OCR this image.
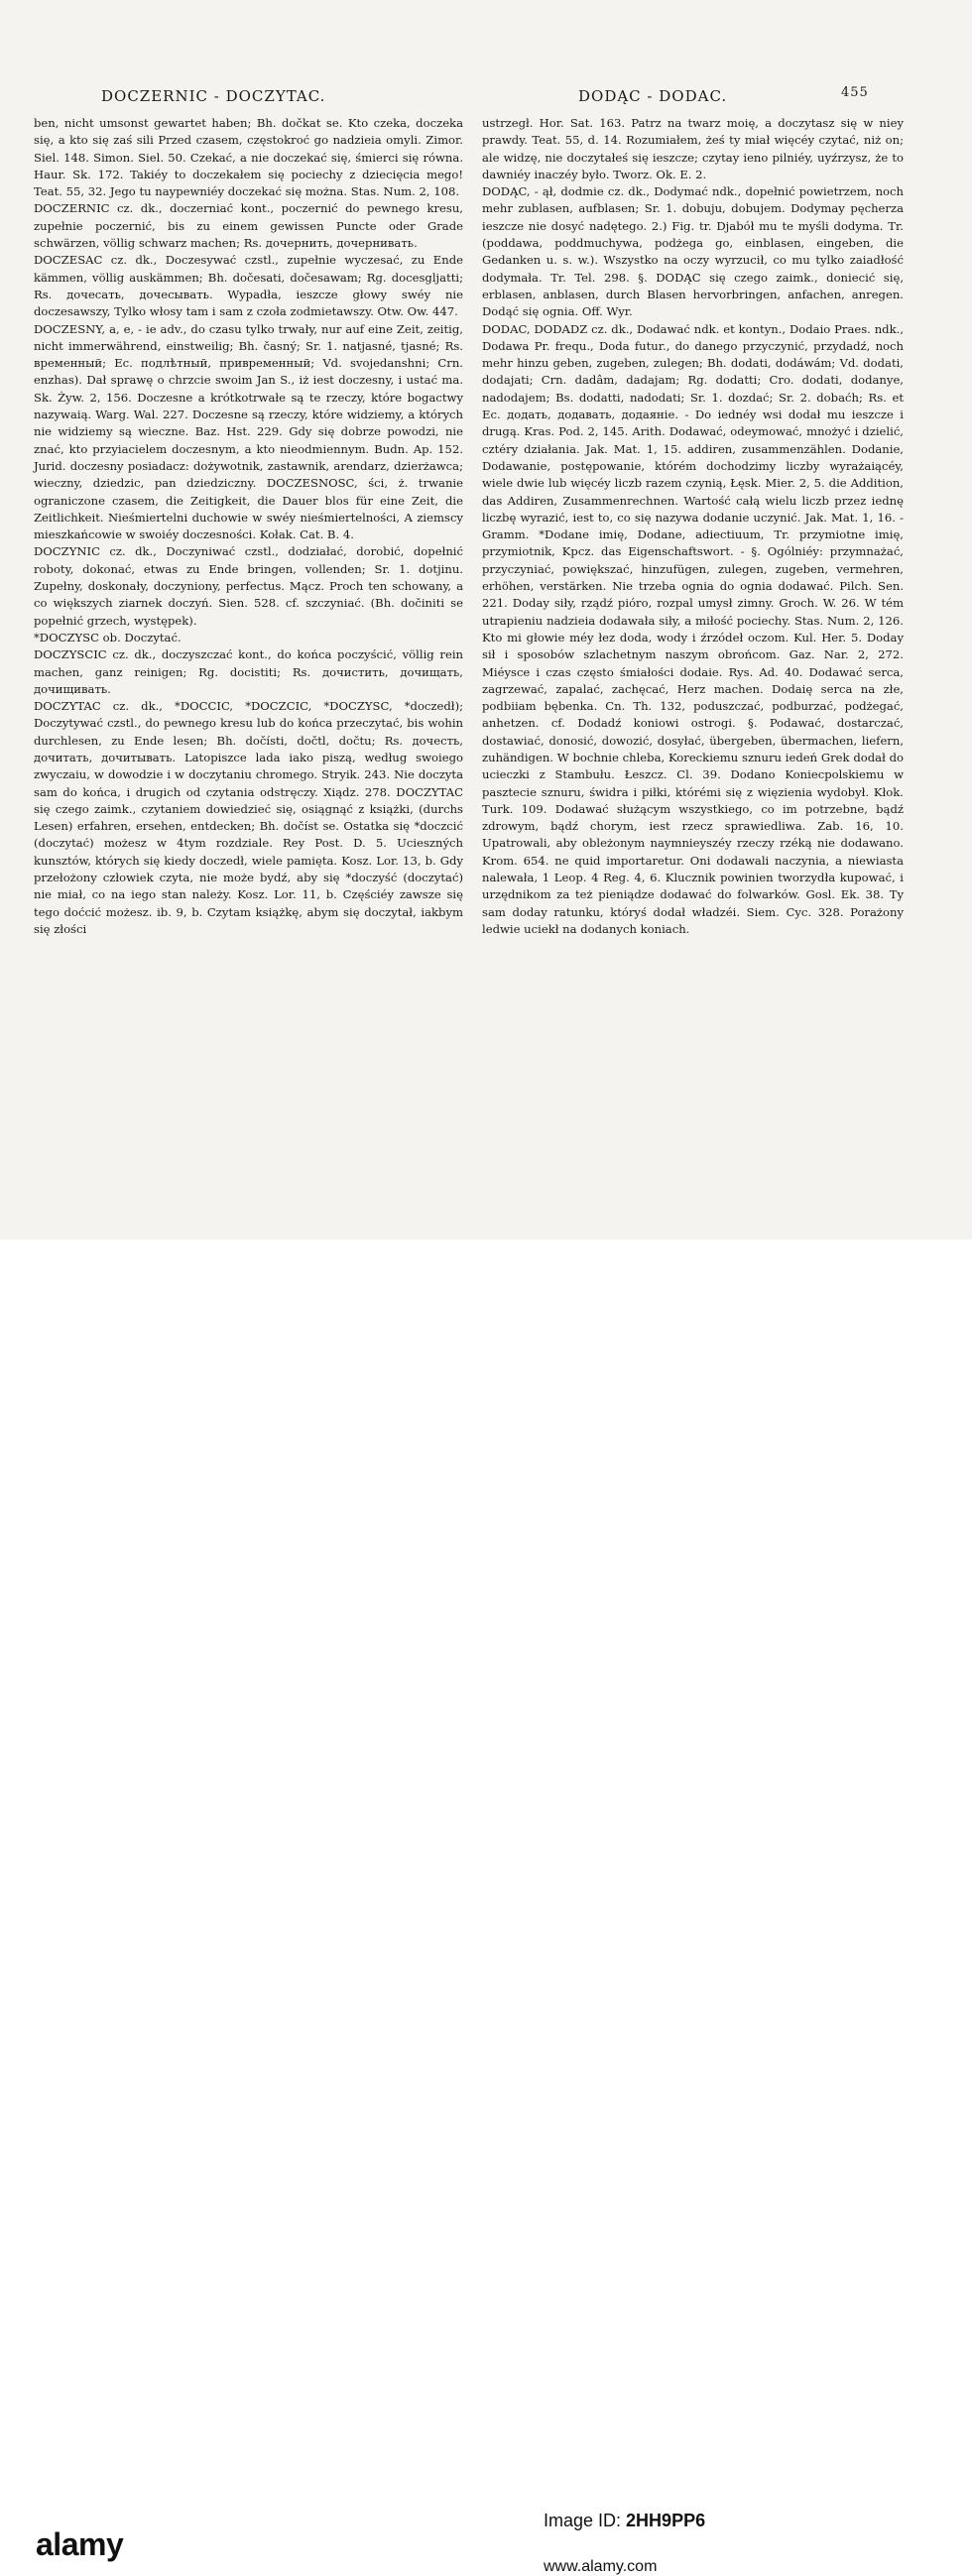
DOCZERNIC - DOCZYTAC.	DODĄC - DODAC.	455
ben, nicht umsonst gewartet haben; Bh. dočkat se. Kto czeka, doczeka się, a kto się zaś sili Przed czasem, częstokroć go nadzieia omyli. Zimor. Siel. 148. Simon. Siel. 50. Czekać, a nie doczekać się, śmierci się równa. Haur. Sk. 172. Takiéy to doczekałem się pociechy z dziecięcia mego! Teat. 55, 32. Jego tu naypewniéy doczekać się można. Stas. Num. 2, 108.
DOCZERNIC cz. dk., doczerniać kont., poczernić do pewnego kresu, zupełnie poczernić, bis zu einem gewissen Puncte oder Grade schwärzen, völlig schwarz machen; Rs. дочернить, дочернивать.
DOCZESAC cz. dk., Doczesywać czstl., zupełnie wyczesać, zu Ende kämmen, völlig auskämmen; Bh. dočesati, dočesawam; Rg. docesgljatti; Rs. дочесать, дочесывать. Wypadła, ieszcze głowy swéy nie doczesawszy, Tylko włosy tam i sam z czoła zodmietawszy. Otw. Ow. 447.
DOCZESNY, a, e, - ie adv., do czasu tylko trwały, nur auf eine Zeit, zeitig, nicht immerwährend, einstweilig; Bh. časný; Sr. 1. natjasné, tjasné; Rs. временный; Ec. подлѣтный, привременный; Vd. svojedanshni; Crn. enzhas). Dał sprawę o chrzcie swoim Jan S., iż iest doczesny, i ustać ma. Sk. Żyw. 2, 156. Doczesne a krótkotrwałe są te rzeczy, które bogactwy nazywaią. Warg. Wal. 227. Doczesne są rzeczy, które widziemy, a których nie widziemy są wieczne. Baz. Hst. 229. Gdy się dobrze powodzi, nie znać, kto przyiacielem doczesnym, a kto nieodmiennym. Budn. Ap. 152. Jurid. doczesny posiadacz: dożywotnik, zastawnik, arendarz, dzierżawca; wieczny, dziedzic, pan dziedziczny. DOCZESNOSC, ści, ż. trwanie ograniczone czasem, die Zeitigkeit, die Dauer blos für eine Zeit, die Zeitlichkeit. Nieśmiertelni duchowie w swéy nieśmiertelności, A ziemscy mieszkańcowie w swoiéy doczesności. Kołak. Cat. B. 4.
DOCZYNIC cz. dk., Doczyniwać czstl., dodziałać, dorobić, dopełnić roboty, dokonać, etwas zu Ende bringen, vollenden; Sr. 1. dotjinu. Zupełny, doskonały, doczyniony, perfectus. Mącz. Proch ten schowany, a co większych ziarnek doczyń. Sien. 528. cf. szczyniać. (Bh. dočiniti se popełnić grzech, występek).
*DOCZYSC ob. Doczytać.
DOCZYSCIC cz. dk., doczyszczać kont., do końca poczyścić, völlig rein machen, ganz reinigen; Rg. docistiti; Rs. дочистить, дочищать, дочищивать.
DOCZYTAC cz. dk., *DOCCIC, *DOCZCIC, *DOCZYSC, *doczedł); Doczytywać czstl., do pewnego kresu lub do końca przeczytać, bis wohin durchlesen, zu Ende lesen; Bh. dočísti, dočtl, dočtu; Rs. дочесть, дочитать, дочитывать. Latopiszce lada iako piszą, według swoiego zwyczaiu, w dowodzie i w doczytaniu chromego. Stryik. 243. Nie doczyta sam do końca, i drugich od czytania odstręczy. Xiądz. 278. DOCZYTAC się czego zaimk., czytaniem dowiedzieć się, osiągnąć z książki, (durchs Lesen) erfahren, ersehen, entdecken; Bh. dočíst se. Ostatka się *doczcić (doczytać) możesz w 4tym rozdziale. Rey Post. D. 5. Ucieszných kunsztów, których się kiedy doczedł, wiele pamięta. Kosz. Lor. 13, b. Gdy przełożony człowiek czyta, nie może bydź, aby się *doczyść (doczytać) nie miał, co na iego stan należy. Kosz. Lor. 11, b. Częściéy zawsze się tego doćcić możesz. ib. 9, b. Czytam książkę, abym się doczytał, iakbym się złości
ustrzegł. Hor. Sat. 163. Patrz na twarz moię, a doczytasz się w niey prawdy. Teat. 55, d. 14. Rozumiałem, żeś ty miał więcéy czytać, niż on; ale widzę, nie doczytałeś się ieszcze; czytay ieno pilniéy, uyźrzysz, że to dawniéy inaczéy było. Tworz. Ok. E. 2.
DODĄC, - ął, dodmie cz. dk., Dodymać ndk., dopełnić powietrzem, noch mehr zublasen, aufblasen; Sr. 1. dobuju, dobujem. Dodymay pęcherza ieszcze nie dosyć nadętego. 2.) Fig. tr. Djabół mu te myśli dodyma. Tr. (poddawa, poddmuchywa, podżega go, einblasen, eingeben, die Gedanken u. s. w.). Wszystko na oczy wyrzucił, co mu tylko zaiadłość dodymała. Tr. Tel. 298. §. DODĄC się czego zaimk., doniecić się, erblasen, anblasen, durch Blasen hervorbringen, anfachen, anregen. Dodąć się ognia. Off. Wyr.
DODAC, DODADZ cz. dk., Dodawać ndk. et kontyn., Dodaio Praes. ndk., Dodawa Pr. frequ., Doda futur., do danego przyczynić, przydadź, noch mehr hinzu geben, zugeben, zulegen; Bh. dodati, dodáwám; Vd. dodati, dodajati; Crn. dadâm, dadajam; Rg. dodatti; Cro. dodati, dodanye, nadodajem; Bs. dodatti, nadodati; Sr. 1. dozdać; Sr. 2. dobaćh; Rs. et Ec. додать, додавать, додаяніе. - Do iednéy wsi dodał mu ieszcze i drugą. Kras. Pod. 2, 145. Arith. Dodawać, odeymować, mnożyć i dzielić, cztéry działania. Jak. Mat. 1, 15. addiren, zusammenzählen. Dodanie, Dodawanie, postępowanie, którém dochodzimy liczby wyrażaiącéy, wiele dwie lub więcéy liczb razem czynią, Łęsk. Mier. 2, 5. die Addition, das Addiren, Zusammenrechnen. Wartość całą wielu liczb przez iednę liczbę wyrazić, iest to, co się nazywa dodanie uczynić. Jak. Mat. 1, 16. - Gramm. *Dodane imię, Dodane, adiectiuum, Tr. przymiotne imię, przymiotnik, Kpcz. das Eigenschaftswort. - §. Ogólniéy: przymnażać, przyczyniać, powiększać, hinzufügen, zulegen, zugeben, vermehren, erhöhen, verstärken. Nie trzeba ognia do ognia dodawać. Pilch. Sen. 221. Doday siły, rządź pióro, rozpal umysł zimny. Groch. W. 26. W tém utrapieniu nadzieia dodawała siły, a miłość pociechy. Stas. Num. 2, 126. Kto mi głowie méy łez doda, wody i źrzódeł oczom. Kul. Her. 5. Doday sił i sposobów szlachetnym naszym obrońcom. Gaz. Nar. 2, 272. Miéysce i czas często śmiałości dodaie. Rys. Ad. 40. Dodawać serca, zagrzewać, zapalać, zachęcać, Herz machen. Dodaię serca na złe, podbiiam bębenka. Cn. Th. 132, poduszczać, podburzać, podżegać, anhetzen. cf. Dodadź koniowi ostrogi. §. Podawać, dostarczać, dostawiać, donosić, dowozić, dosyłać, übergeben, übermachen, liefern, zuhändigen. W bochnie chleba, Koreckiemu sznuru iedeń Grek dodał do ucieczki z Stambułu. Łeszcz. Cl. 39. Dodano Koniecpolskiemu w pasztecie sznuru, świdra i piłki, którémi się z więzienia wydobył. Kłok. Turk. 109. Dodawać służącym wszystkiego, co im potrzebne, bądź zdrowym, bądź chorym, iest rzecz sprawiedliwa. Zab. 16, 10. Upatrowali, aby obleżonym naymnieyszéy rzeczy rzéką nie dodawano. Krom. 654. ne quid importaretur. Oni dodawali naczynia, a niewiasta nalewała, 1 Leop. 4 Reg. 4, 6. Klucznik powinien tworzydła kupować, i urzędnikom za też pieniądze dodawać do folwarków. Gosl. Ek. 38. Ty sam doday ratunku, któryś dodał władzéi. Siem. Cyc. 328. Porażony ledwie uciekł na dodanych koniach.
alamy
Image ID: 2HH9PP6
www.alamy.com
